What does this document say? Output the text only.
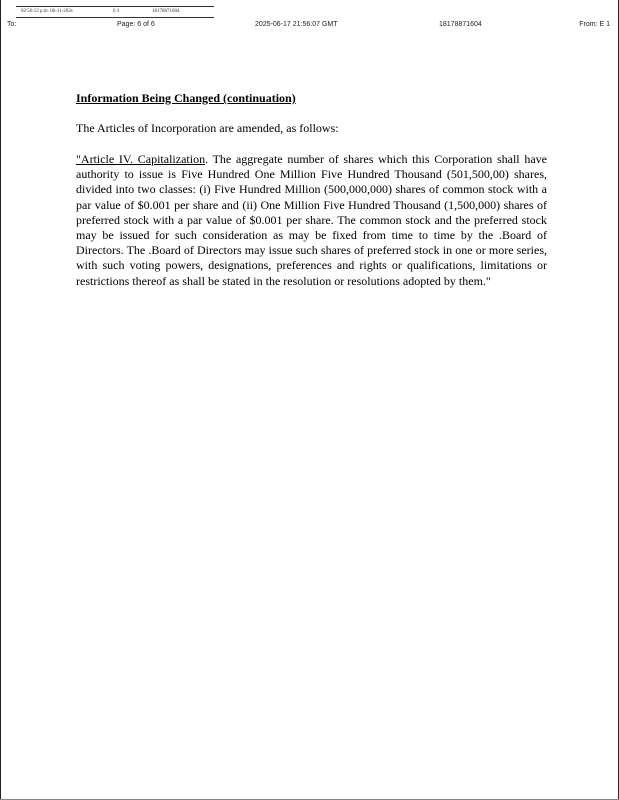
02:56:12 p.m. 06-11-202s	6 /l	18178871604
To:	Page: 6 of 6	2025-06-17 21:56:07 GMT	18178871604	From: E 1
Information Being Changed (continuation)
The Articles of Incorporation are amended, as follows:
"Article IV. Capitalization. The aggregate number of shares which this Corporation shall have authority to issue is Five Hundred One Million Five Hundred Thousand (501,500,00) shares, divided into two classes: (i) Five Hundred Million (500,000,000) shares of common stock with a par value of $0.001 per share and (ii) One Million Five Hundred Thousand (1,500,000) shares of preferred stock with a par value of $0.001 per share. The common stock and the preferred stock may be issued for such consideration as may be fixed from time to time by the .Board of Directors. The .Board of Directors may issue such shares of preferred stock in one or more series, with such voting powers, designations, preferences and rights or qualifications, limitations or restrictions thereof as shall be stated in the resolution or resolutions adopted by them."
